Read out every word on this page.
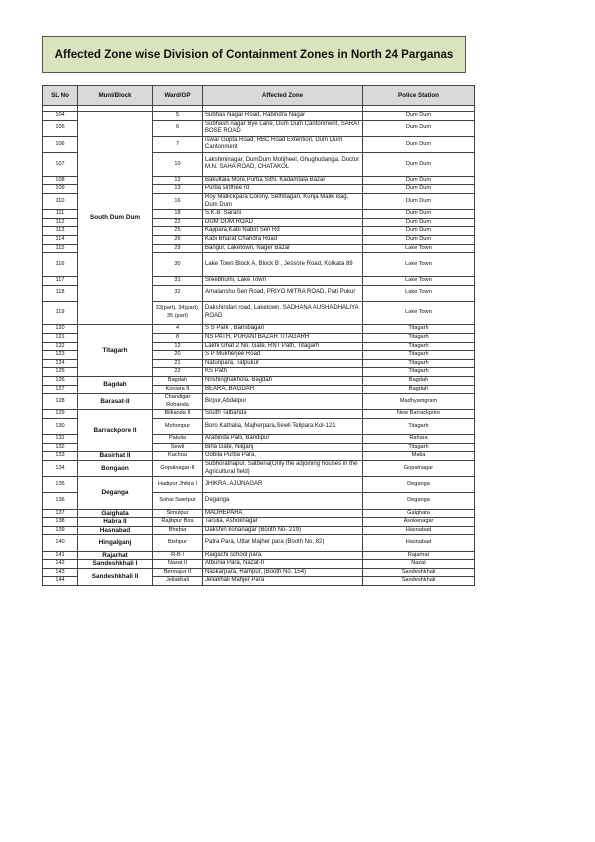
Affected Zone wise Division of Containment Zones in North 24 Parganas
SL No	Muni/Block	Ward/GP	Affected Zone	Police Station

104	South Dum Dum	5	Subhas Nagar Road, Rabindra Nagar	Dum Dum
105		6	Subhash nagar Bye Lane, Dum Dum Cantonment, SARAT BOSE ROAD	Dum Dum
106		7	Iswar Gupta Road, RBC Road Extention, Dum Dum Cantonment	Dum Dum
107		10	Lakshminagar, DumDum Motijheel, Ghughudanga, Doctor M.N. SAHA ROAD, CHATAKOL	Dum Dum
108		12	Bakultala More,Purba Sithi, Kadamtala Bazar	Dum Dum
109		13	Purba sinthee rd	Dum Dum
110		16	Roy Mallickpara Colony, Sethbagan, Kunja Malik Bag, Dum Dum	Dum Dum
111		18	S.K.B. Sarani	Dum Dum
112		22	DUM DUM ROAD	Dum Dum
113		25	Kajipara,Kabi Nabin Sen Rd	Dum Dum
114		26	Kabi Bharat Chandra Road	Dum Dum
115		29	Bangur, Laketown, Nager Bazar	Lake Town
116		30	Lake Town Block A, Block B , Jessore Road, Kolkata 89	Lake Town
117		31	Sreebhumi, Lake Town	Lake Town
118		32	Amalanshu Sen Road, PRIYO MITRA ROAD, Pati Pukur	Lake Town
119		33(part), 34(part), 35 (part)	Dakshindari road, Laketown. SADHANA AUSHADHALIYA ROAD	Lake Town
120	Titagarh	4	S S Park , Bansbagan	Titagarh
121		8	NS PATH, PURANI BAZAR TITAGARH	Titagarh
122		12	Lakhi Ghat 2 No. Gate, RNT Path, Titagarh	Titagarh
123		20	S.P Mukherjee Road	Titagarh
124		21	Natunpara, Talpukur	Titagarh
125		22	KS Path	Titagarh
126	Bagdah	Bagdah	Nrishinghakhola, Bagdah	Bagdah
127		Koniara II	BEARA, BAGDAH	Bagdah
128	Barasat-II	Chandigar Rohanda	Birpur,Abdalpur	Madhyamgram
129	Barrackpore II	Bilkanda II	South Talbanda	New Barrackpore
130		Mohonpur	Boro Kathalia, Majherpara,Sewli Telipara Kol-121	Titagarh
131		Patulia	Arabinda Palli, Bandipur	Rahara
132		Sewli	Birla Gate, Nilganj	Titagarh
133	Basirhat II	Kachua	Gobila Purba Para,	Matia
134	Bongaon	Gopalnagar-II	Subhoratnapur, Satberia(Only the adjoining houses in the Agricultural field)	Gopalnagar
135	Deganga	Hadipur Jhikra I	JHIKRA, AJIJNAGAR	Deganga
136		Sohai Swetpur	Deganga	Deganga
137	Gaighata	Simulpur	MADHEPARA	Gaighata
138	Habra II	Rajibpur Bira	Tarulia, Ashoknagar	Asokenagar
139	Hasnabad	Bhebia	Dakshin konanagar (Booth No- 219)	Hasnabad
140	Hingalganj	Bishpur	Patra Para, Uttar Majher para (Booth No. 82)	Hasnabad
141	Rajarhat	R-B I	Raigachi school para,	Rajarhat
142	Sandeshkhali I	Nazat II	Atbunia Para, Nazat-II	Nazat
143	Sandeshkhali II	Bermajur II	Naskarpara, Rampur, (Booth No. 154)	Sandeshkhali
144		Jeliakhali	Jeliakhali Mahjer Para	Sandeshkhali
